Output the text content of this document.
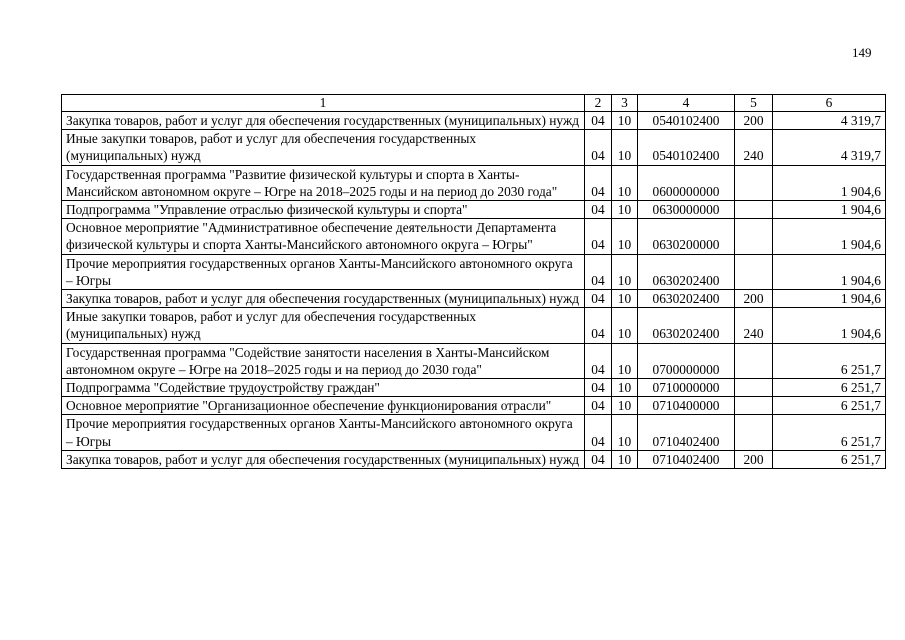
149
1	2	3	4	5	6
Закупка товаров, работ и услуг для обеспечения государственных (муниципальных) нужд	04	10	0540102400	200	4 319,7
Иные закупки товаров, работ и услуг для обеспечения государственных (муниципальных) нужд	04	10	0540102400	240	4 319,7
Государственная программа "Развитие физической культуры и спорта в Ханты-Мансийском автономном округе – Югре на 2018–2025 годы и на период до 2030 года"	04	10	0600000000		1 904,6
Подпрограмма "Управление отраслью физической культуры и спорта"	04	10	0630000000		1 904,6
Основное мероприятие "Административное обеспечение деятельности Департамента физической культуры и спорта Ханты-Мансийского автономного округа – Югры"	04	10	0630200000		1 904,6
Прочие мероприятия государственных органов Ханты-Мансийского автономного округа – Югры	04	10	0630202400		1 904,6
Закупка товаров, работ и услуг для обеспечения государственных (муниципальных) нужд	04	10	0630202400	200	1 904,6
Иные закупки товаров, работ и услуг для обеспечения государственных (муниципальных) нужд	04	10	0630202400	240	1 904,6
Государственная программа "Содействие занятости населения в Ханты-Мансийском автономном округе – Югре на 2018–2025 годы и на период до 2030 года"	04	10	0700000000		6 251,7
Подпрограмма "Содействие трудоустройству граждан"	04	10	0710000000		6 251,7
Основное мероприятие "Организационное обеспечение функционирования отрасли"	04	10	0710400000		6 251,7
Прочие мероприятия государственных органов Ханты-Мансийского автономного округа – Югры	04	10	0710402400		6 251,7
Закупка товаров, работ и услуг для обеспечения государственных (муниципальных) нужд	04	10	0710402400	200	6 251,7
